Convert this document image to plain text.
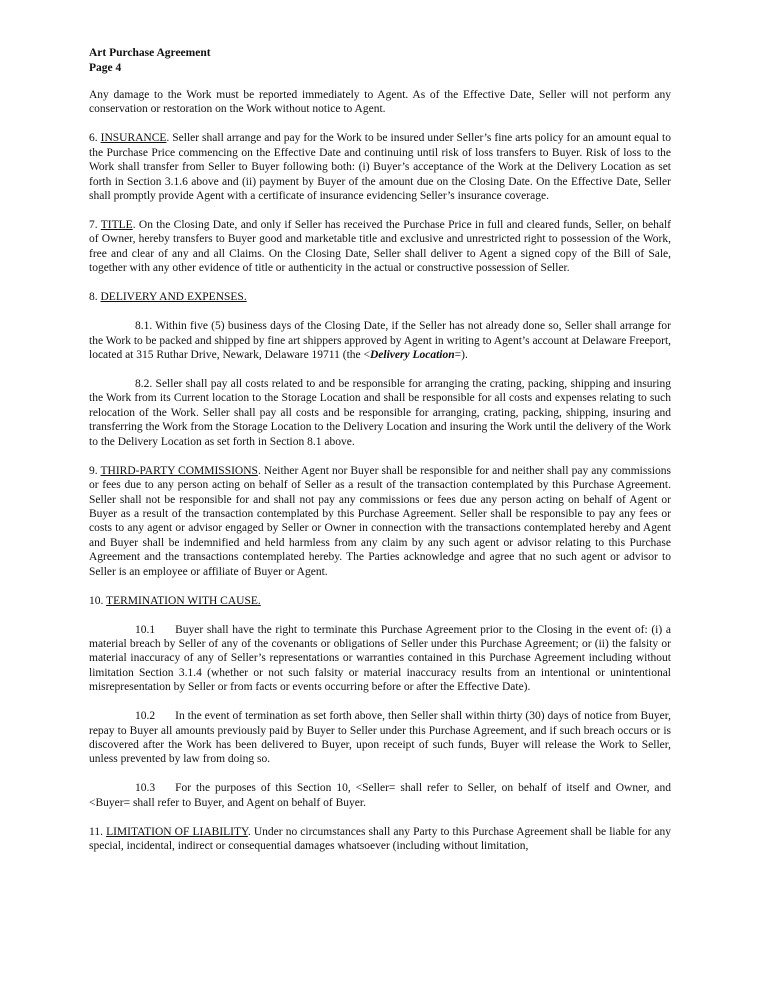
Art Purchase Agreement
Page 4

Any damage to the Work must be reported immediately to Agent. As of the Effective Date, Seller will not perform any conservation or restoration on the Work without notice to Agent.

6. INSURANCE. Seller shall arrange and pay for the Work to be insured under Seller’s fine arts policy for an amount equal to the Purchase Price commencing on the Effective Date and continuing until risk of loss transfers to Buyer. Risk of loss to the Work shall transfer from Seller to Buyer following both: (i) Buyer’s acceptance of the Work at the Delivery Location as set forth in Section 3.1.6 above and (ii) payment by Buyer of the amount due on the Closing Date. On the Effective Date, Seller shall promptly provide Agent with a certificate of insurance evidencing Seller’s insurance coverage.

7. TITLE. On the Closing Date, and only if Seller has received the Purchase Price in full and cleared funds, Seller, on behalf of Owner, hereby transfers to Buyer good and marketable title and exclusive and unrestricted right to possession of the Work, free and clear of any and all Claims. On the Closing Date, Seller shall deliver to Agent a signed copy of the Bill of Sale, together with any other evidence of title or authenticity in the actual or constructive possession of Seller.

8. DELIVERY AND EXPENSES.

8.1. Within five (5) business days of the Closing Date, if the Seller has not already done so, Seller shall arrange for the Work to be packed and shipped by fine art shippers approved by Agent in writing to Agent’s account at Delaware Freeport, located at 315 Ruthar Drive, Newark, Delaware 19711 (the <Delivery Location=).

8.2. Seller shall pay all costs related to and be responsible for arranging the crating, packing, shipping and insuring the Work from its Current location to the Storage Location and shall be responsible for all costs and expenses relating to such relocation of the Work. Seller shall pay all costs and be responsible for arranging, crating, packing, shipping, insuring and transferring the Work from the Storage Location to the Delivery Location and insuring the Work until the delivery of the Work to the Delivery Location as set forth in Section 8.1 above.

9. THIRD-PARTY COMMISSIONS. Neither Agent nor Buyer shall be responsible for and neither shall pay any commissions or fees due to any person acting on behalf of Seller as a result of the transaction contemplated by this Purchase Agreement. Seller shall not be responsible for and shall not pay any commissions or fees due any person acting on behalf of Agent or Buyer as a result of the transaction contemplated by this Purchase Agreement. Seller shall be responsible to pay any fees or costs to any agent or advisor engaged by Seller or Owner in connection with the transactions contemplated hereby and Agent and Buyer shall be indemnified and held harmless from any claim by any such agent or advisor relating to this Purchase Agreement and the transactions contemplated hereby. The Parties acknowledge and agree that no such agent or advisor to Seller is an employee or affiliate of Buyer or Agent.

10. TERMINATION WITH CAUSE.

10.1 Buyer shall have the right to terminate this Purchase Agreement prior to the Closing in the event of: (i) a material breach by Seller of any of the covenants or obligations of Seller under this Purchase Agreement; or (ii) the falsity or material inaccuracy of any of Seller’s representations or warranties contained in this Purchase Agreement including without limitation Section 3.1.4 (whether or not such falsity or material inaccuracy results from an intentional or unintentional misrepresentation by Seller or from facts or events occurring before or after the Effective Date).

10.2 In the event of termination as set forth above, then Seller shall within thirty (30) days of notice from Buyer, repay to Buyer all amounts previously paid by Buyer to Seller under this Purchase Agreement, and if such breach occurs or is discovered after the Work has been delivered to Buyer, upon receipt of such funds, Buyer will release the Work to Seller, unless prevented by law from doing so.

10.3 For the purposes of this Section 10, <Seller= shall refer to Seller, on behalf of itself and Owner, and <Buyer= shall refer to Buyer, and Agent on behalf of Buyer.

11. LIMITATION OF LIABILITY. Under no circumstances shall any Party to this Purchase Agreement shall be liable for any special, incidental, indirect or consequential damages whatsoever (including without limitation,
